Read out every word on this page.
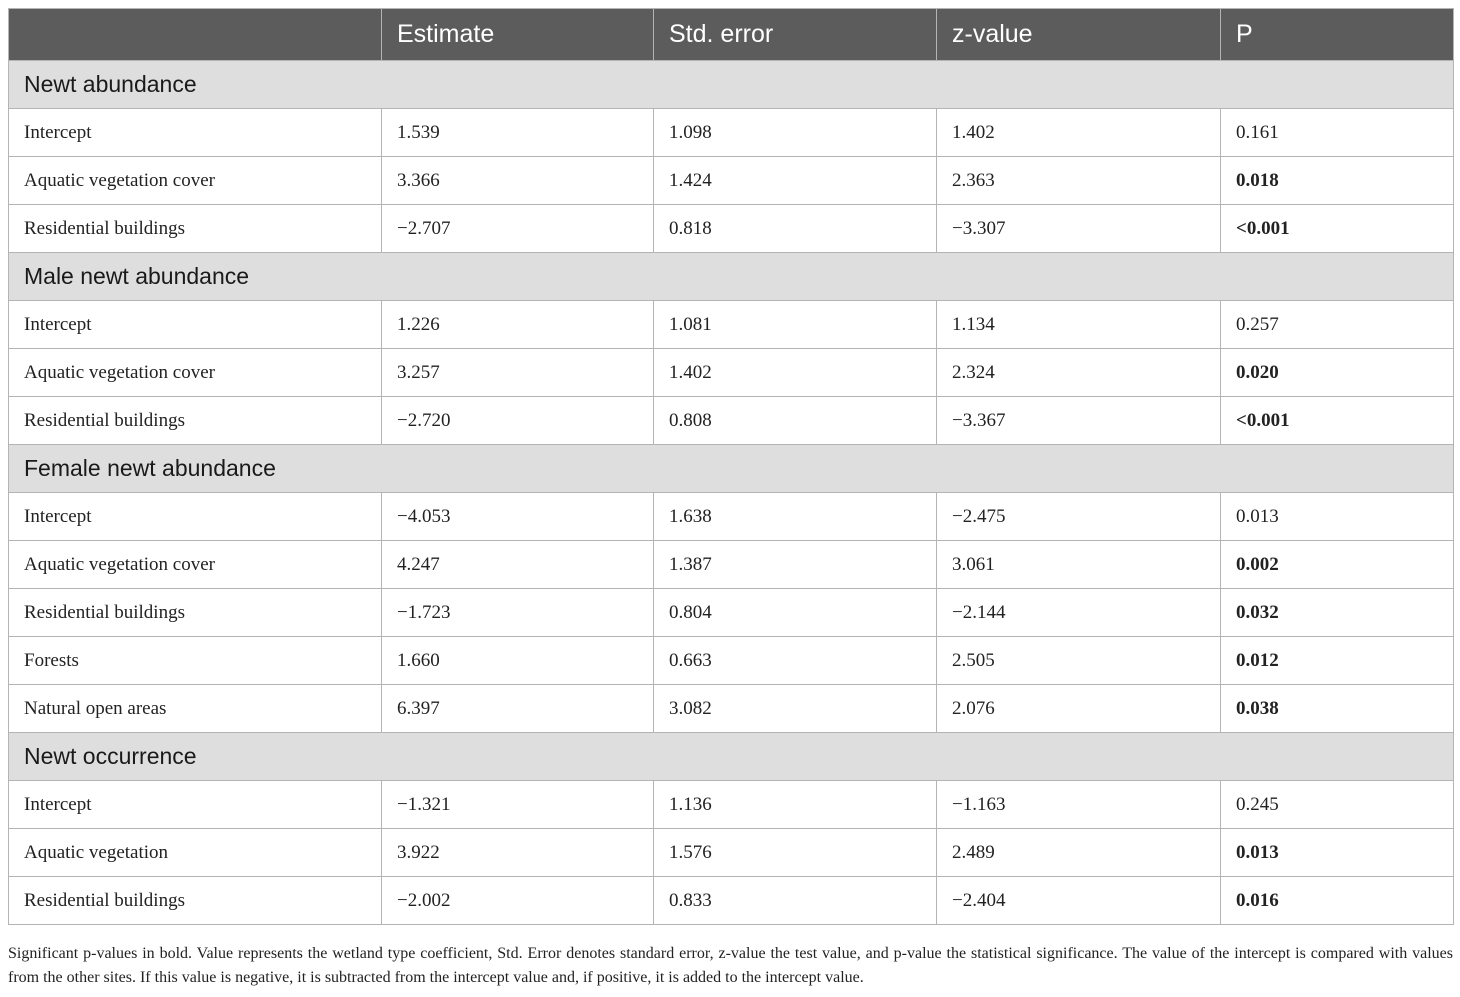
	Estimate	Std. error	z-value	P
Newt abundance				
Intercept	1.539	1.098	1.402	0.161
Aquatic vegetation cover	3.366	1.424	2.363	0.018
Residential buildings	−2.707	0.818	−3.307	<0.001
Male newt abundance				
Intercept	1.226	1.081	1.134	0.257
Aquatic vegetation cover	3.257	1.402	2.324	0.020
Residential buildings	−2.720	0.808	−3.367	<0.001
Female newt abundance				
Intercept	−4.053	1.638	−2.475	0.013
Aquatic vegetation cover	4.247	1.387	3.061	0.002
Residential buildings	−1.723	0.804	−2.144	0.032
Forests	1.660	0.663	2.505	0.012
Natural open areas	6.397	3.082	2.076	0.038
Newt occurrence				
Intercept	−1.321	1.136	−1.163	0.245
Aquatic vegetation	3.922	1.576	2.489	0.013
Residential buildings	−2.002	0.833	−2.404	0.016
Significant p-values in bold. Value represents the wetland type coefficient, Std. Error denotes standard error, z-value the test value, and p-value the statistical significance. The value of the intercept is compared with values from the other sites. If this value is negative, it is subtracted from the intercept value and, if positive, it is added to the intercept value.
